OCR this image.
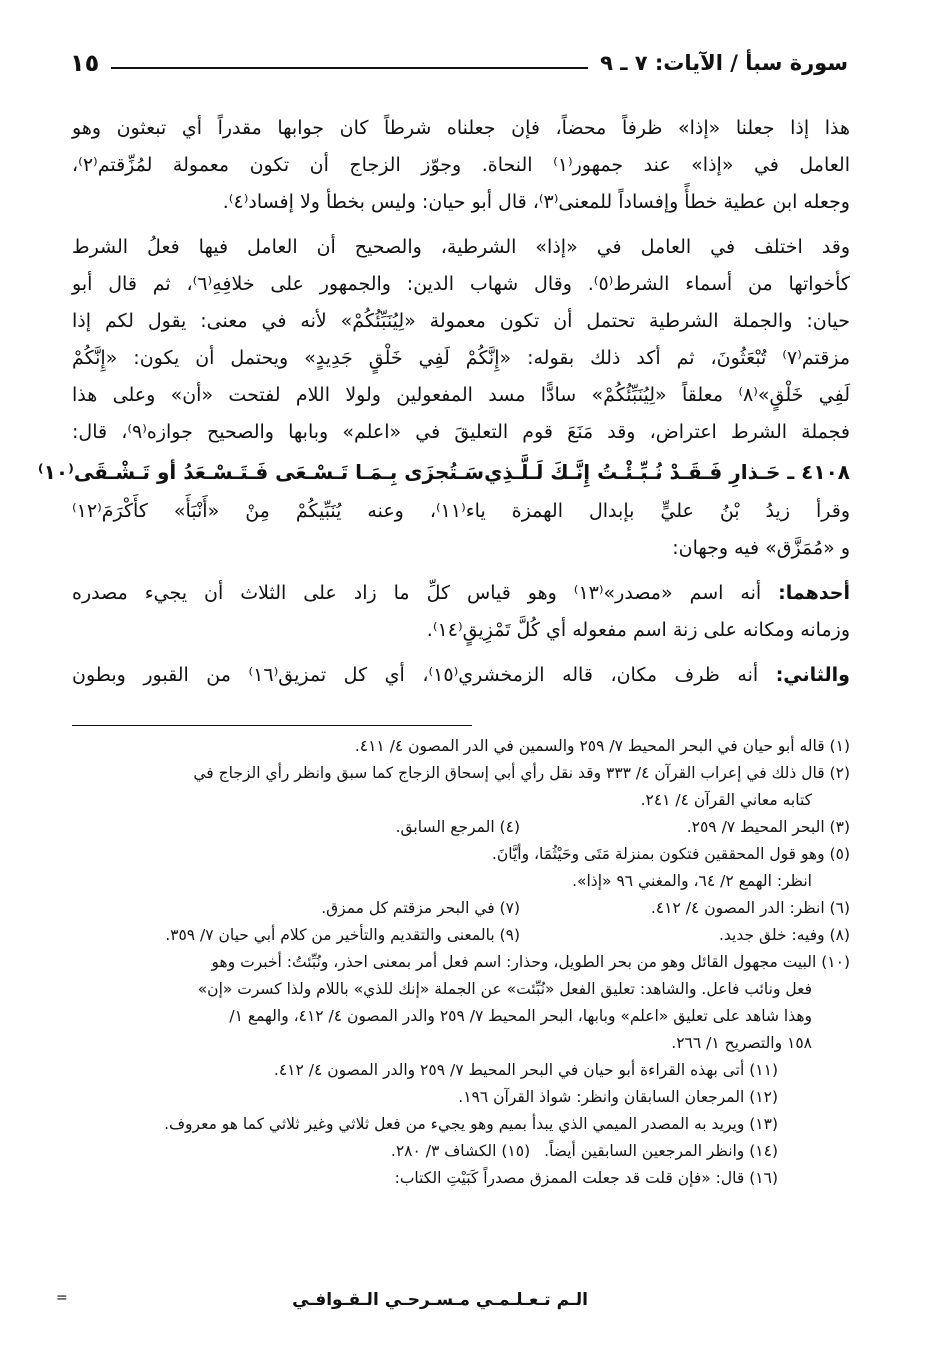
سورة سبأ / الآيات: ٧ ـ ٩
١٥
هذا إذا جعلنا «إذا» ظرفاً محضاً، فإن جعلناه شرطاً كان جوابها مقدراً أي تبعثون وهو
العامل في «إذا» عند جمهور⁽١⁾ النحاة. وجوّز الزجاج أن تكون معمولة لمُزِّقتم⁽٢⁾،
وجعله ابن عطية خطأً وإفساداً للمعنى⁽٣⁾، قال أبو حيان: وليس بخطأ ولا إفساد⁽٤⁾.
وقد اختلف في العامل في «إذا» الشرطية، والصحيح أن العامل فيها فعلُ الشرط
كأخواتها من أسماء الشرط⁽٥⁾. وقال شهاب الدين: والجمهور على خلافِهِ⁽٦⁾، ثم قال أبو
حيان: والجملة الشرطية تحتمل أن تكون معمولة «لِيُنَبِّئُكُمْ» لأنه في معنى: يقول لكم إذا
مزقتم⁽٧⁾ تُبْعَثُونَ، ثم أكد ذلك بقوله: «إِنَّكُمْ لَفِي خَلْقٍ جَدِيدٍ» ويحتمل أن يكون: «إِنَّكُمْ
لَفِي خَلْقٍ»⁽٨⁾ معلقاً «لِيُنَبِّئُكُمْ» سادًّا مسد المفعولين ولولا اللام لفتحت «أن» وعلى هذا
فجملة الشرط اعتراض، وقد مَنَعَ قوم التعليقَ في «اعلم» وبابها والصحيح جوازه⁽٩⁾، قال:
٤١٠٨ ـ حَـذارِ فَـقَـدْ نُـبِّـئْـتُ إِنَّـكَ لَـلَّـذِي
سَـتُجزَى بِـمَـا تَـسْـعَى فَـتَـسْـعَدُ أو تَـشْـقَى⁽١٠⁾
وقرأ زيدُ بْنُ عليٍّ بإبدال الهمزة ياء⁽١١⁾، وعنه يُنَبِّيكُمْ مِنْ «أَنْبَأَ» كأَكْرَمَ⁽١٢⁾
و «مُمَزَّق» فيه وجهان:
أحدهما: أنه اسم «مصدر»⁽١٣⁾ وهو قياس كلِّ ما زاد على الثلاث أن يجيء مصدره
وزمانه ومكانه على زنة اسم مفعوله أي كُلَّ تَمْزِيقٍ⁽١٤⁾.
والثاني: أنه ظرف مكان، قاله الزمخشري⁽١٥⁾، أي كل تمزيق⁽١٦⁾ من القبور وبطون
(١) قاله أبو حيان في البحر المحيط ٧/ ٢٥٩ والسمين في الدر المصون ٤/ ٤١١.
(٢) قال ذلك في إعراب القرآن ٤/ ٣٣٣ وقد نقل رأي أبي إسحاق الزجاج كما سبق وانظر رأي الزجاج في
كتابه معاني القرآن ٤/ ٢٤١.
(٣) البحر المحيط ٧/ ٢٥٩.
(٤) المرجع السابق.
(٥) وهو قول المحققين فتكون بمنزلة مَتَى وحَيْثُمَا، وأيَّانَ.
انظر: الهمع ٢/ ٦٤، والمغني ٩٦ «إذا».
(٦) انظر: الدر المصون ٤/ ٤١٢.
(٧) في البحر مزقتم كل ممزق.
(٨) وفيه: خلق جديد.
(٩) بالمعنى والتقديم والتأخير من كلام أبي حيان ٧/ ٣٥٩.
(١٠) البيت مجهول القائل وهو من بحر الطويل، وحذار: اسم فعل أمر بمعنى احذر، ونُبِّئتُ: أخبرت وهو
فعل ونائب فاعل. والشاهد: تعليق الفعل «نُبِّئت» عن الجملة «إنك للذي» باللام ولذا كسرت «إن»
وهذا شاهد على تعليق «اعلم» وبابها، البحر المحيط ٧/ ٢٥٩ والدر المصون ٤/ ٤١٢، والهمع ١/
١٥٨ والتصريح ١/ ٢٦٦.
(١١) أتى بهذه القراءة أبو حيان في البحر المحيط ٧/ ٢٥٩ والدر المصون ٤/ ٤١٢.
(١٢) المرجعان السابقان وانظر: شواذ القرآن ١٩٦.
(١٣) ويريد به المصدر الميمي الذي يبدأ بميم وهو يجيء من فعل ثلاثي وغير ثلاثي كما هو معروف.
(١٤) وانظر المرجعين السابقين أيضاً.
(١٥) الكشاف ٣/ ٢٨٠.
(١٦) قال: «فإن قلت قد جعلت الممزق مصدراً كَبَيْتِ الكتاب:
الـم تـعـلـمـي مـسـرحـي الـقـوافـي
=
